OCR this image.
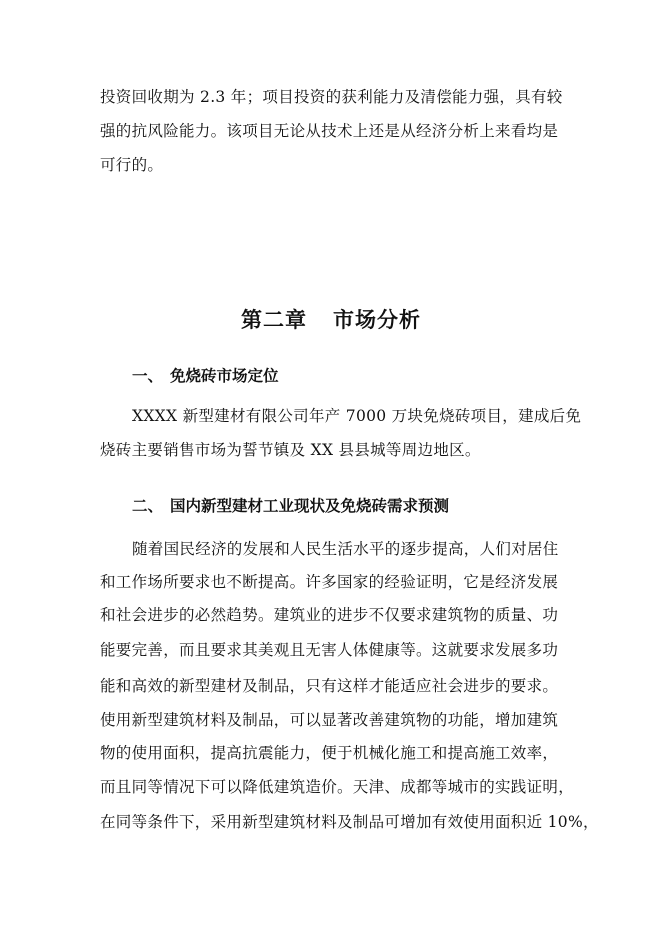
投资回收期为 2.3 年；项目投资的获利能力及清偿能力强，具有较
强的抗风险能力。该项目无论从技术上还是从经济分析上来看均是
可行的。
第二章 市场分析
一、 免烧砖市场定位
XXXX 新型建材有限公司年产 7000 万块免烧砖项目，建成后免
烧砖主要销售市场为誓节镇及 XX 县县城等周边地区。
二、 国内新型建材工业现状及免烧砖需求预测
随着国民经济的发展和人民生活水平的逐步提高，人们对居住
和工作场所要求也不断提高。许多国家的经验证明，它是经济发展
和社会进步的必然趋势。建筑业的进步不仅要求建筑物的质量、功
能要完善，而且要求其美观且无害人体健康等。这就要求发展多功
能和高效的新型建材及制品，只有这样才能适应社会进步的要求。
使用新型建筑材料及制品，可以显著改善建筑物的功能，增加建筑
物的使用面积，提高抗震能力，便于机械化施工和提高施工效率，
而且同等情况下可以降低建筑造价。天津、成都等城市的实践证明，
在同等条件下，采用新型建筑材料及制品可增加有效使用面积近 10%，
